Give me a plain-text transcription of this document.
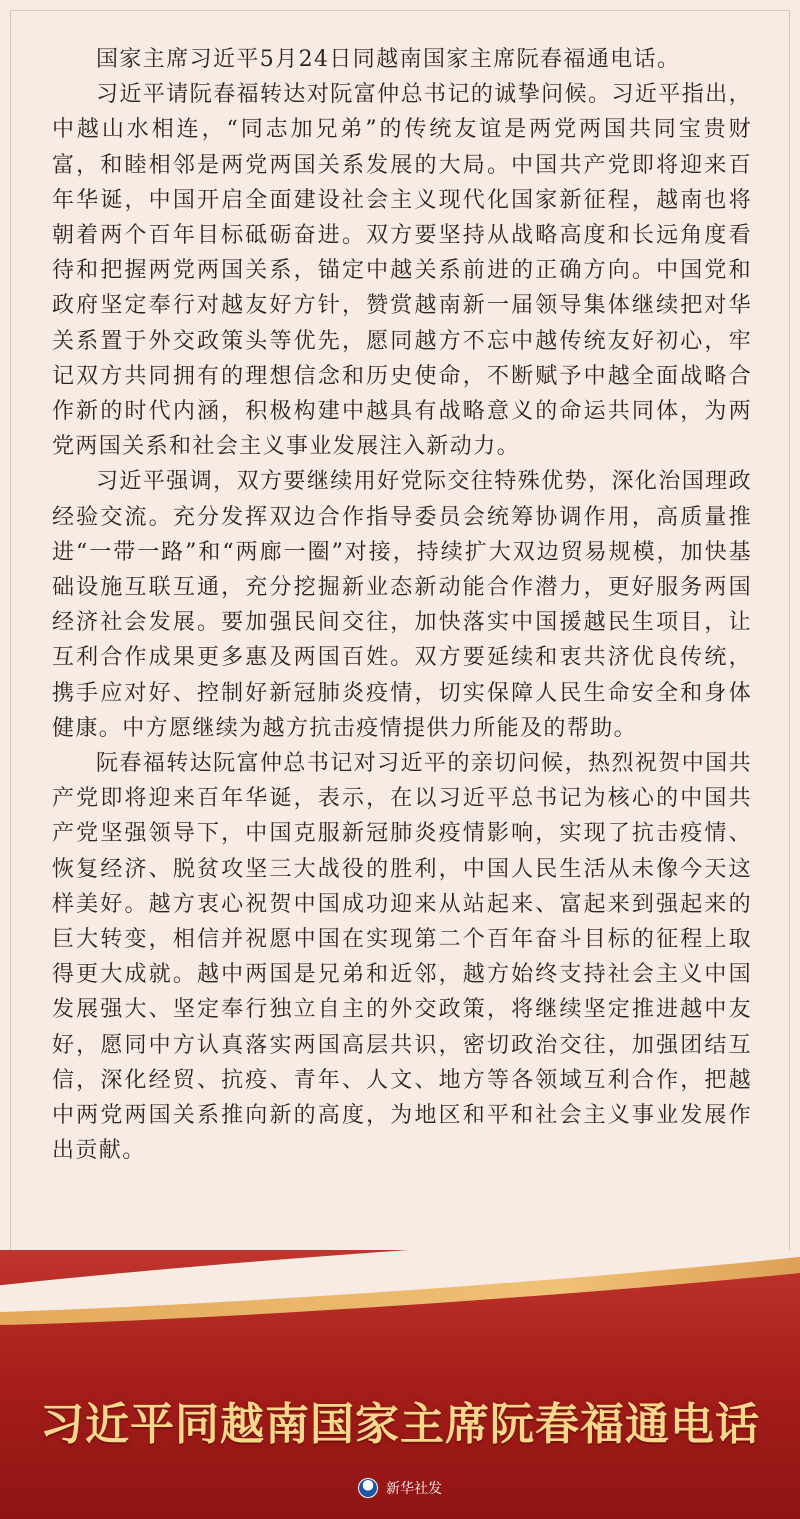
国家主席习近平5月24日同越南国家主席阮春福通电话。

习近平请阮春福转达对阮富仲总书记的诚挚问候。习近平指出，中越山水相连，“同志加兄弟”的传统友谊是两党两国共同宝贵财富，和睦相邻是两党两国关系发展的大局。中国共产党即将迎来百年华诞，中国开启全面建设社会主义现代化国家新征程，越南也将朝着两个百年目标砥砺奋进。双方要坚持从战略高度和长远角度看待和把握两党两国关系，锚定中越关系前进的正确方向。中国党和政府坚定奉行对越友好方针，赞赏越南新一届领导集体继续把对华关系置于外交政策头等优先，愿同越方不忘中越传统友好初心，牢记双方共同拥有的理想信念和历史使命，不断赋予中越全面战略合作新的时代内涵，积极构建中越具有战略意义的命运共同体，为两党两国关系和社会主义事业发展注入新动力。

习近平强调，双方要继续用好党际交往特殊优势，深化治国理政经验交流。充分发挥双边合作指导委员会统筹协调作用，高质量推进“一带一路”和“两廊一圈”对接，持续扩大双边贸易规模，加快基础设施互联互通，充分挖掘新业态新动能合作潜力，更好服务两国经济社会发展。要加强民间交往，加快落实中国援越民生项目，让互利合作成果更多惠及两国百姓。双方要延续和衷共济优良传统，携手应对好、控制好新冠肺炎疫情，切实保障人民生命安全和身体健康。中方愿继续为越方抗击疫情提供力所能及的帮助。

阮春福转达阮富仲总书记对习近平的亲切问候，热烈祝贺中国共产党即将迎来百年华诞，表示，在以习近平总书记为核心的中国共产党坚强领导下，中国克服新冠肺炎疫情影响，实现了抗击疫情、恢复经济、脱贫攻坚三大战役的胜利，中国人民生活从未像今天这样美好。越方衷心祝贺中国成功迎来从站起来、富起来到强起来的巨大转变，相信并祝愿中国在实现第二个百年奋斗目标的征程上取得更大成就。越中两国是兄弟和近邻，越方始终支持社会主义中国发展强大、坚定奉行独立自主的外交政策，将继续坚定推进越中友好，愿同中方认真落实两国高层共识，密切政治交往，加强团结互信，深化经贸、抗疫、青年、人文、地方等各领域互利合作，把越中两党两国关系推向新的高度，为地区和平和社会主义事业发展作出贡献。

习近平同越南国家主席阮春福通电话
新华社发
